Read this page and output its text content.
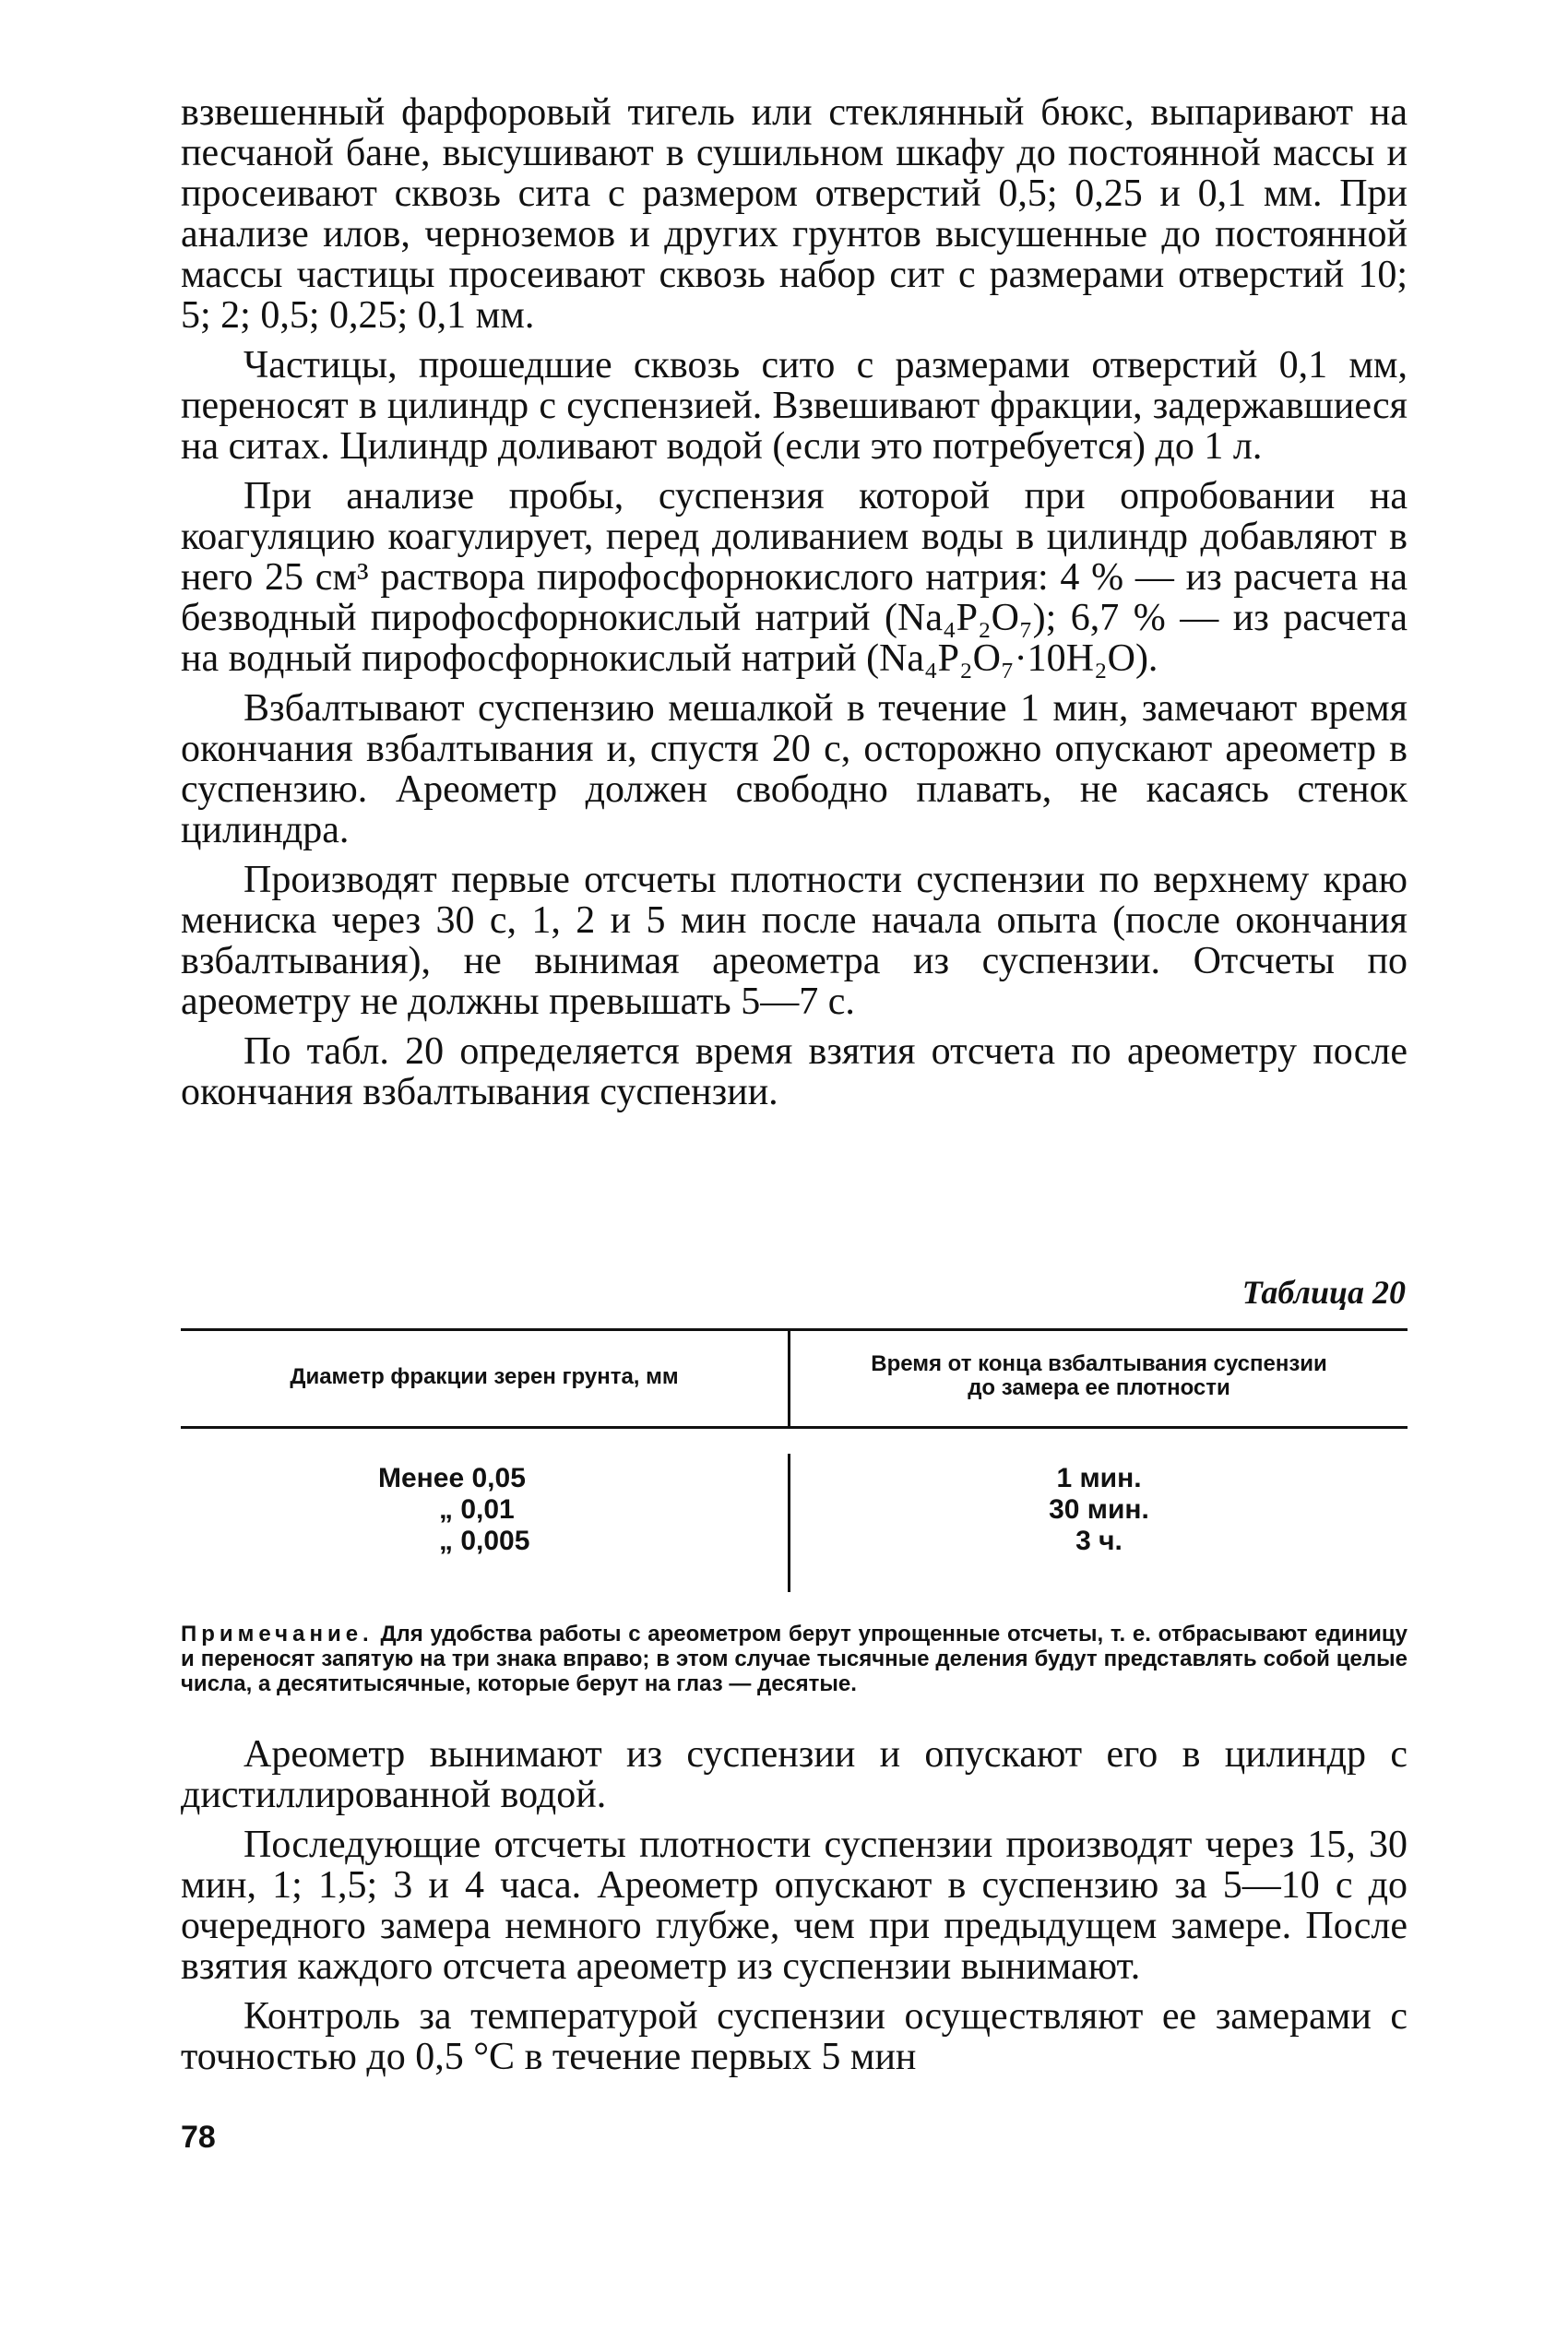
взвешенный фарфоровый тигель или стеклянный бюкс, выпаривают на песчаной бане, высушивают в сушильном шкафу до постоянной массы и просеивают сквозь сита с размером отверстий 0,5; 0,25 и 0,1 мм. При анализе илов, черноземов и других грунтов высушенные до постоянной массы частицы просеивают сквозь набор сит с размерами отверстий 10; 5; 2; 0,5; 0,25; 0,1 мм.

Частицы, прошедшие сквозь сито с размерами отверстий 0,1 мм, переносят в цилиндр с суспензией. Взвешивают фракции, задержавшиеся на ситах. Цилиндр доливают водой (если это потребуется) до 1 л.

При анализе пробы, суспензия которой при опробовании на коагуляцию коагулирует, перед доливанием воды в цилиндр добавляют в него 25 см³ раствора пирофосфорнокислого натрия: 4 % — из расчета на безводный пирофосфорнокислый натрий (Na₄P₂O₇); 6,7 % — из расчета на водный пирофосфорнокислый натрий (Na₄P₂O₇·10H₂O).

Взбалтывают суспензию мешалкой в течение 1 мин, замечают время окончания взбалтывания и, спустя 20 с, осторожно опускают ареометр в суспензию. Ареометр должен свободно плавать, не касаясь стенок цилиндра.

Производят первые отсчеты плотности суспензии по верхнему краю мениска через 30 с, 1, 2 и 5 мин после начала опыта (после окончания взбалтывания), не вынимая ареометра из суспензии. Отсчеты по ареометру не должны превышать 5—7 с.

По табл. 20 определяется время взятия отсчета по ареометру после окончания взбалтывания суспензии.

Таблица 20
Диаметр фракции зерен грунта, мм
Время от конца взбалтывания суспензии
до замера ее плотности
Менее 0,05	1 мин.
„ 0,01	30 мин.
„ 0,005	3 ч.
Примечание. Для удобства работы с ареометром берут упрощенные отсчеты, т. е. отбрасывают единицу и переносят запятую на три знака вправо; в этом случае тысячные деления будут представлять собой целые числа, а десятитысячные, которые берут на глаз — десятые.

Ареометр вынимают из суспензии и опускают его в цилиндр с дистиллированной водой.

Последующие отсчеты плотности суспензии производят через 15, 30 мин, 1; 1,5; 3 и 4 часа. Ареометр опускают в суспензию за 5—10 с до очередного замера немного глубже, чем при предыдущем замере. После взятия каждого отсчета ареометр из суспензии вынимают.

Контроль за температурой суспензии осуществляют ее замерами с точностью до 0,5 °С в течение первых 5 мин

78
